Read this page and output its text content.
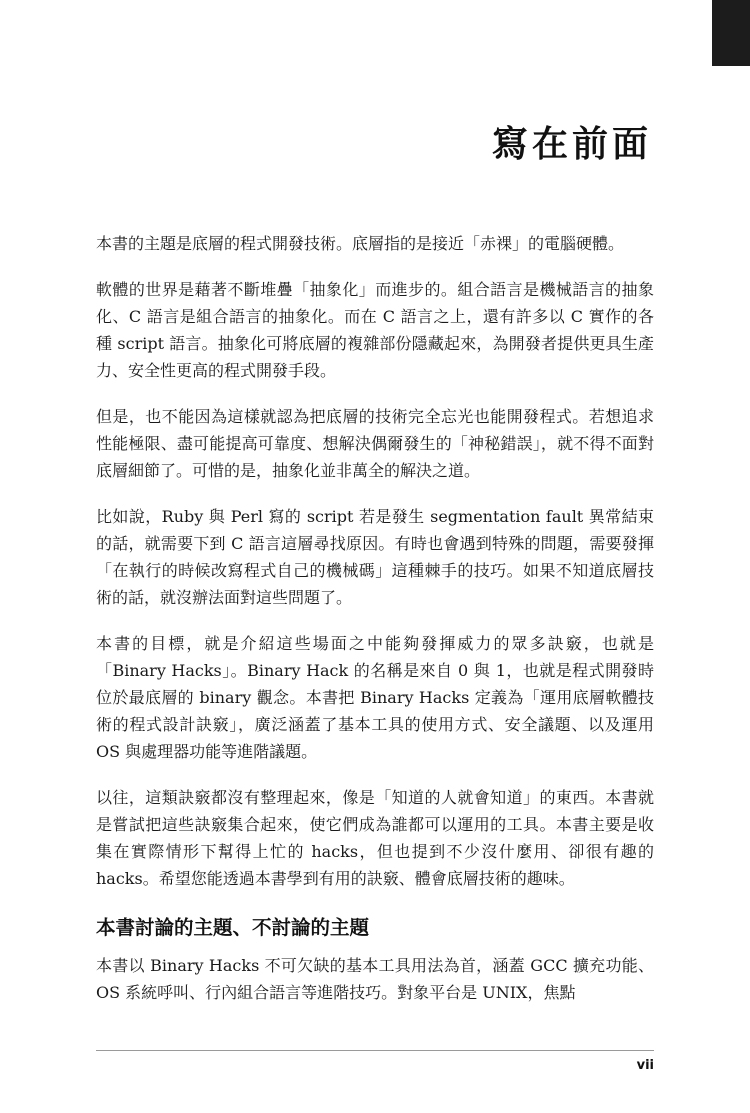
寫在前面

本書的主題是底層的程式開發技術。底層指的是接近「赤裸」的電腦硬體。

軟體的世界是藉著不斷堆疊「抽象化」而進步的。組合語言是機械語言的抽象化、C 語言是組合語言的抽象化。而在 C 語言之上，還有許多以 C 實作的各種 script 語言。抽象化可將底層的複雜部份隱藏起來，為開發者提供更具生產力、安全性更高的程式開發手段。

但是，也不能因為這樣就認為把底層的技術完全忘光也能開發程式。若想追求性能極限、盡可能提高可靠度、想解決偶爾發生的「神秘錯誤」，就不得不面對底層細節了。可惜的是，抽象化並非萬全的解決之道。

比如說，Ruby 與 Perl 寫的 script 若是發生 segmentation fault 異常結束的話，就需要下到 C 語言這層尋找原因。有時也會遇到特殊的問題，需要發揮「在執行的時候改寫程式自己的機械碼」這種棘手的技巧。如果不知道底層技術的話，就沒辦法面對這些問題了。

本書的目標，就是介紹這些場面之中能夠發揮威力的眾多訣竅，也就是「Binary Hacks」。Binary Hack 的名稱是來自 0 與 1，也就是程式開發時位於最底層的 binary 觀念。本書把 Binary Hacks 定義為「運用底層軟體技術的程式設計訣竅」，廣泛涵蓋了基本工具的使用方式、安全議題、以及運用 OS 與處理器功能等進階議題。

以往，這類訣竅都沒有整理起來，像是「知道的人就會知道」的東西。本書就是嘗試把這些訣竅集合起來，使它們成為誰都可以運用的工具。本書主要是收集在實際情形下幫得上忙的 hacks，但也提到不少沒什麼用、卻很有趣的 hacks。希望您能透過本書學到有用的訣竅、體會底層技術的趣味。

本書討論的主題、不討論的主題

本書以 Binary Hacks 不可欠缺的基本工具用法為首，涵蓋 GCC 擴充功能、OS 系統呼叫、行內組合語言等進階技巧。對象平台是 UNIX，焦點

vii
